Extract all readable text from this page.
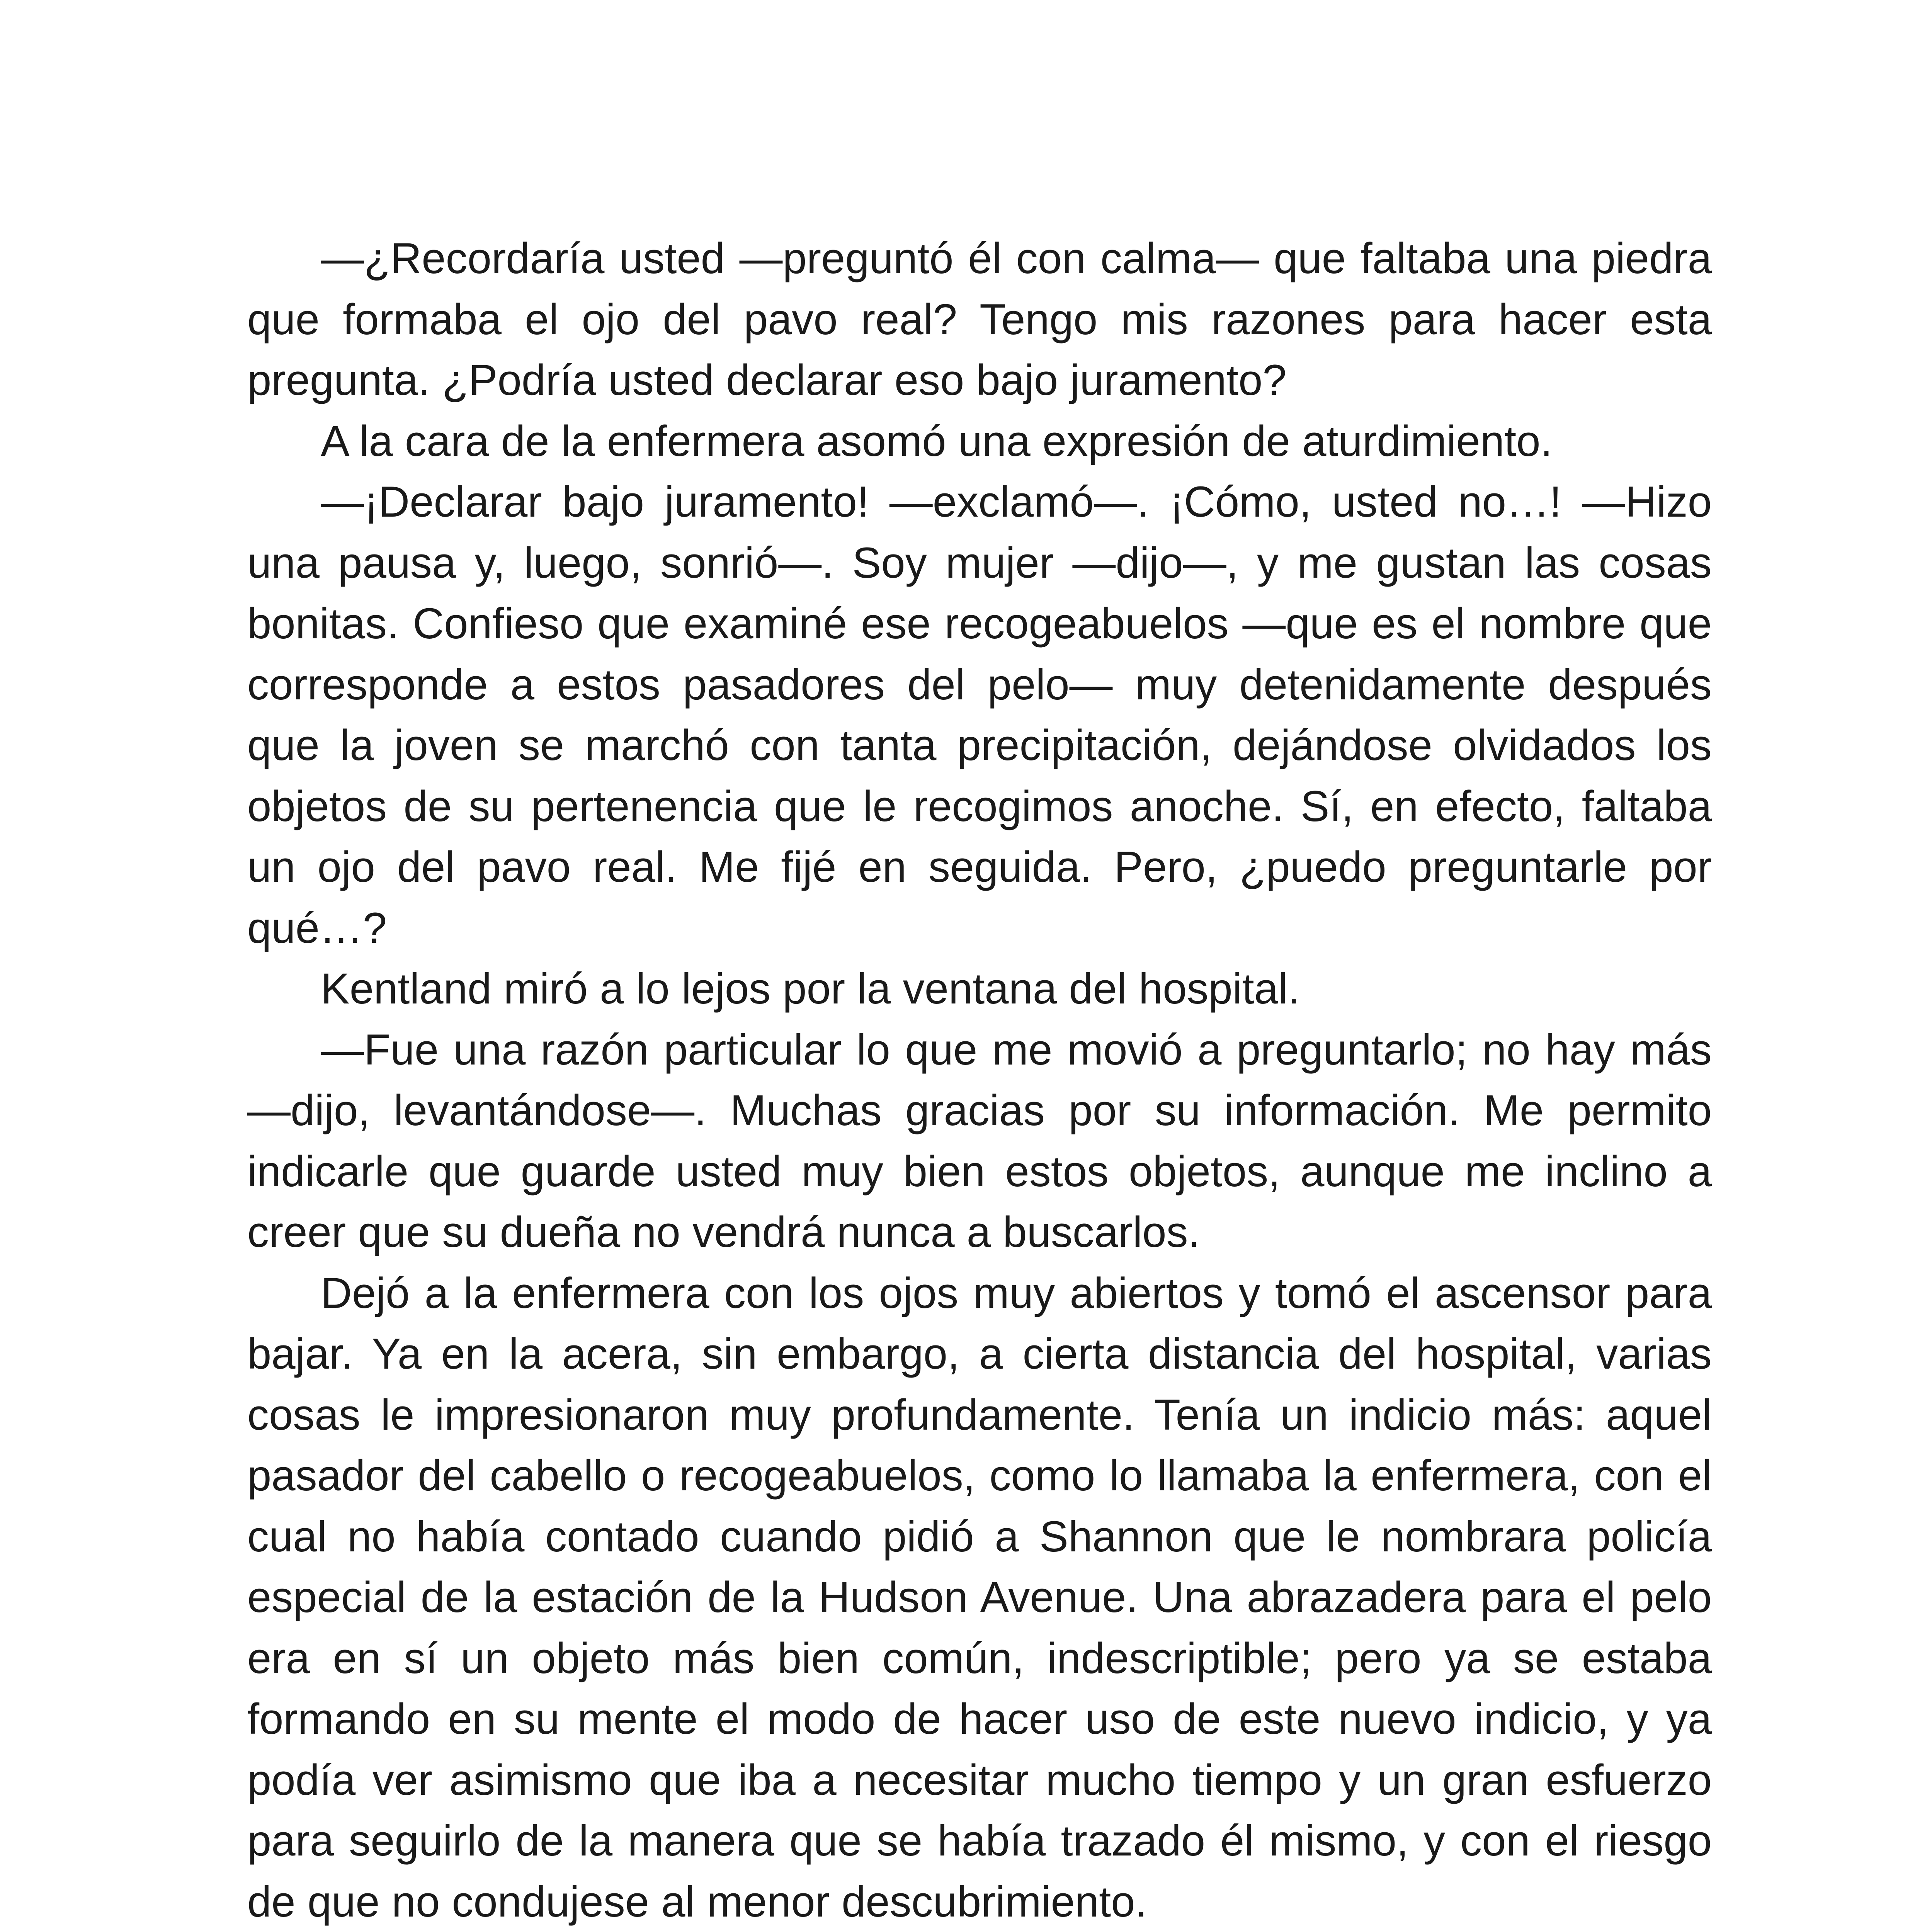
—¿Recordaría usted —preguntó él con calma— que faltaba una piedra que formaba el ojo del pavo real? Tengo mis razones para hacer esta pregunta. ¿Podría usted declarar eso bajo juramento?

A la cara de la enfermera asomó una expresión de aturdimiento.

—¡Declarar bajo juramento! —exclamó—. ¡Cómo, usted no…! —Hizo una pausa y, luego, sonrió—. Soy mujer —dijo—, y me gustan las cosas bonitas. Confieso que examiné ese recogeabuelos —que es el nombre que corresponde a estos pasadores del pelo— muy detenidamente después que la joven se marchó con tanta precipitación, dejándose olvidados los objetos de su pertenencia que le recogimos anoche. Sí, en efecto, faltaba un ojo del pavo real. Me fijé en seguida. Pero, ¿puedo preguntarle por qué…?

Kentland miró a lo lejos por la ventana del hospital.

—Fue una razón particular lo que me movió a preguntarlo; no hay más —dijo, levantándose—. Muchas gracias por su información. Me permito indicarle que guarde usted muy bien estos objetos, aunque me inclino a creer que su dueña no vendrá nunca a buscarlos.

Dejó a la enfermera con los ojos muy abiertos y tomó el ascensor para bajar. Ya en la acera, sin embargo, a cierta distancia del hospital, varias cosas le impresionaron muy profundamente. Tenía un indicio más: aquel pasador del cabello o recogeabuelos, como lo llamaba la enfermera, con el cual no había contado cuando pidió a Shannon que le nombrara policía especial de la estación de la Hudson Avenue. Una abrazadera para el pelo era en sí un objeto más bien común, indescriptible; pero ya se estaba formando en su mente el modo de hacer uso de este nuevo indicio, y ya podía ver asimismo que iba a necesitar mucho tiempo y un gran esfuerzo para seguirlo de la manera que se había trazado él mismo, y con el riesgo de que no condujese al menor descubrimiento.
